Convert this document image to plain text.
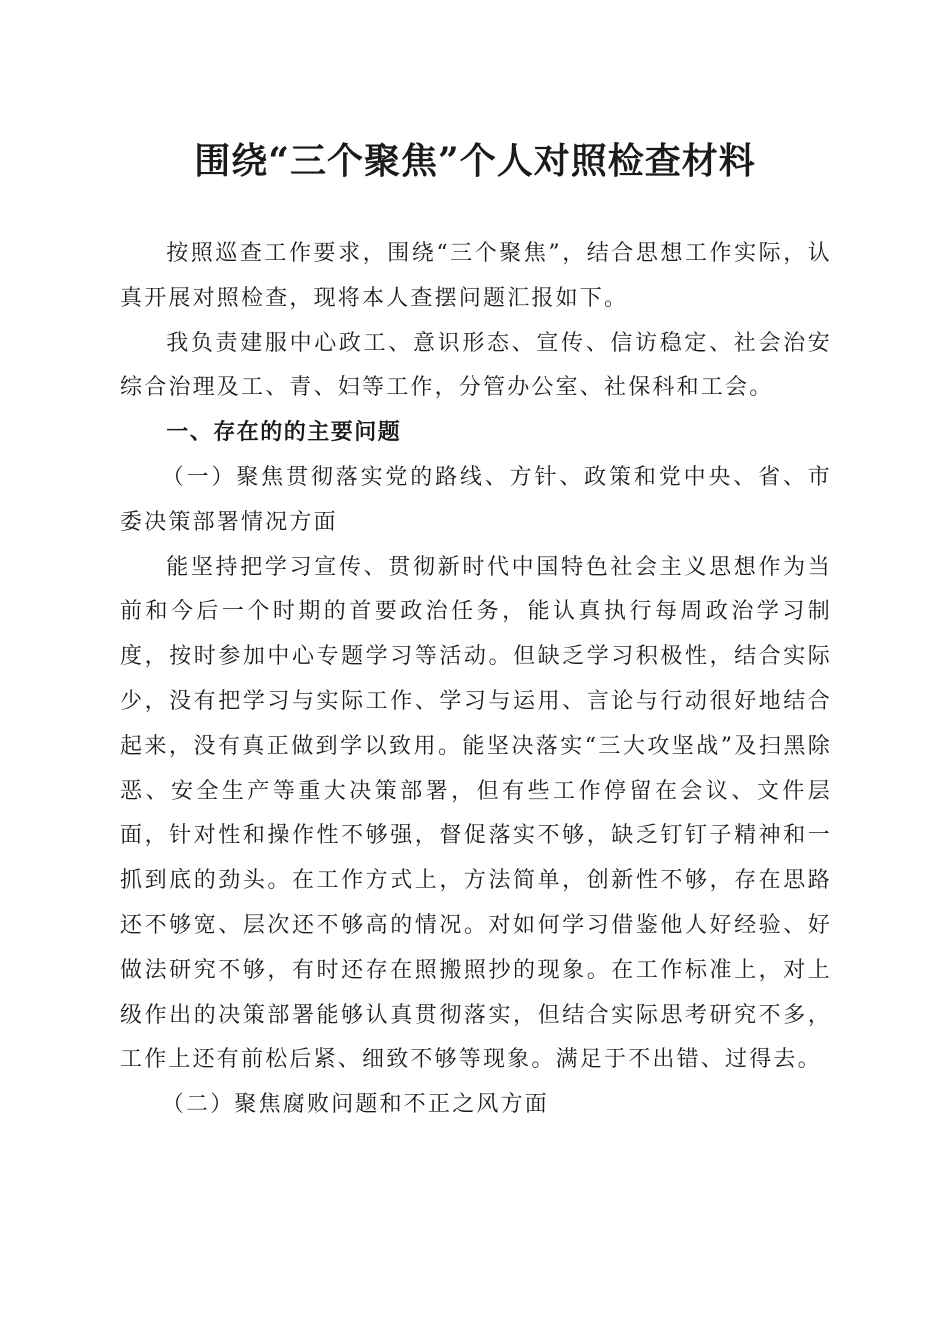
围绕“三个聚焦”个人对照检查材料

按照巡查工作要求，围绕“三个聚焦”，结合思想工作实际，认真开展对照检查，现将本人查摆问题汇报如下。

我负责建服中心政工、意识形态、宣传、信访稳定、社会治安综合治理及工、青、妇等工作，分管办公室、社保科和工会。

一、存在的的主要问题

（一）聚焦贯彻落实党的路线、方针、政策和党中央、省、市委决策部署情况方面

能坚持把学习宣传、贯彻新时代中国特色社会主义思想作为当前和今后一个时期的首要政治任务，能认真执行每周政治学习制度，按时参加中心专题学习等活动。但缺乏学习积极性，结合实际少，没有把学习与实际工作、学习与运用、言论与行动很好地结合起来，没有真正做到学以致用。能坚决落实“三大攻坚战”及扫黑除恶、安全生产等重大决策部署，但有些工作停留在会议、文件层面，针对性和操作性不够强，督促落实不够，缺乏钉钉子精神和一抓到底的劲头。在工作方式上，方法简单，创新性不够，存在思路还不够宽、层次还不够高的情况。对如何学习借鉴他人好经验、好做法研究不够，有时还存在照搬照抄的现象。在工作标准上，对上级作出的决策部署能够认真贯彻落实，但结合实际思考研究不多，工作上还有前松后紧、细致不够等现象。满足于不出错、过得去。

（二）聚焦腐败问题和不正之风方面
